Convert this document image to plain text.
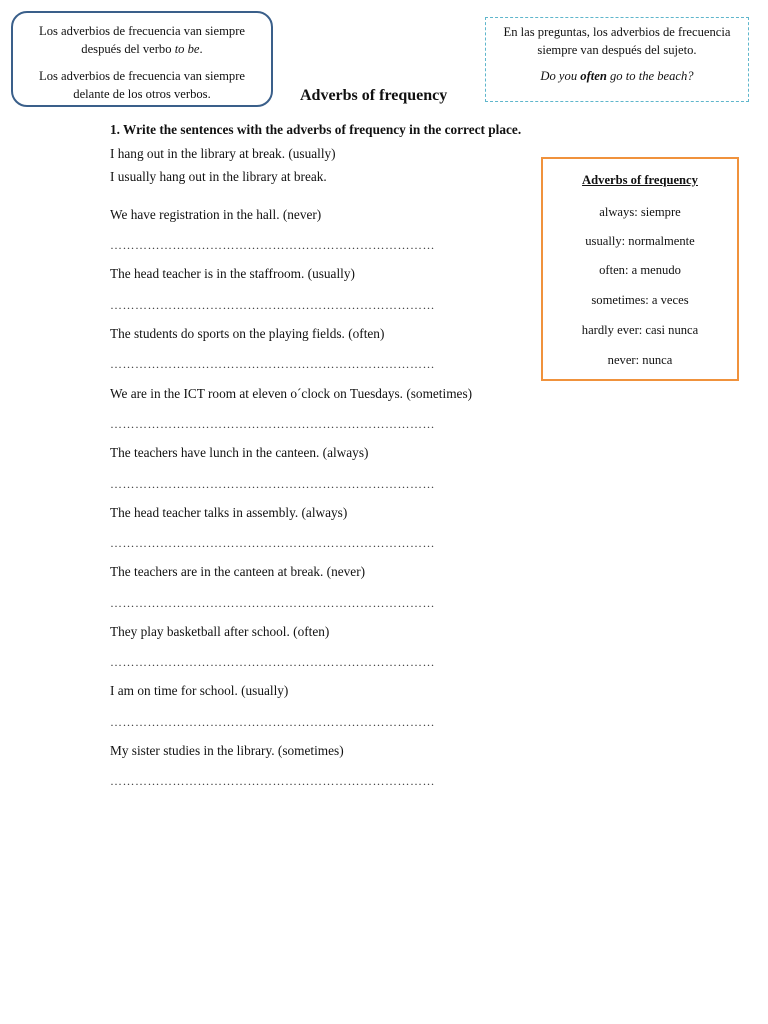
Los adverbios de frecuencia van siempre después del verbo to be.

Los adverbios de frecuencia van siempre delante de los otros verbos.

En las preguntas, los adverbios de frecuencia siempre van después del sujeto.

Do you often go to the beach?

Adverbs of frequency
1. Write the sentences with the adverbs of frequency in the correct place.
I hang out in the library at break. (usually)
I usually hang out in the library at break.
We have registration in the hall. (never)
……………………………………………………………………
The head teacher is in the staffroom. (usually)
……………………………………………………………………
The students do sports on the playing fields. (often)
……………………………………………………………………
We are in the ICT room at eleven o´clock on Tuesdays. (sometimes)
……………………………………………………………………
The teachers have lunch in the canteen. (always)
……………………………………………………………………
The head teacher talks in assembly. (always)
……………………………………………………………………
The teachers are in the canteen at break. (never)
……………………………………………………………………
They play basketball after school. (often)
……………………………………………………………………
I am on time for school. (usually)
……………………………………………………………………
My sister studies in the library. (sometimes)
……………………………………………………………………
Adverbs of frequency
always: siempre
usually: normalmente
often: a menudo
sometimes: a veces
hardly ever: casi nunca
never: nunca
